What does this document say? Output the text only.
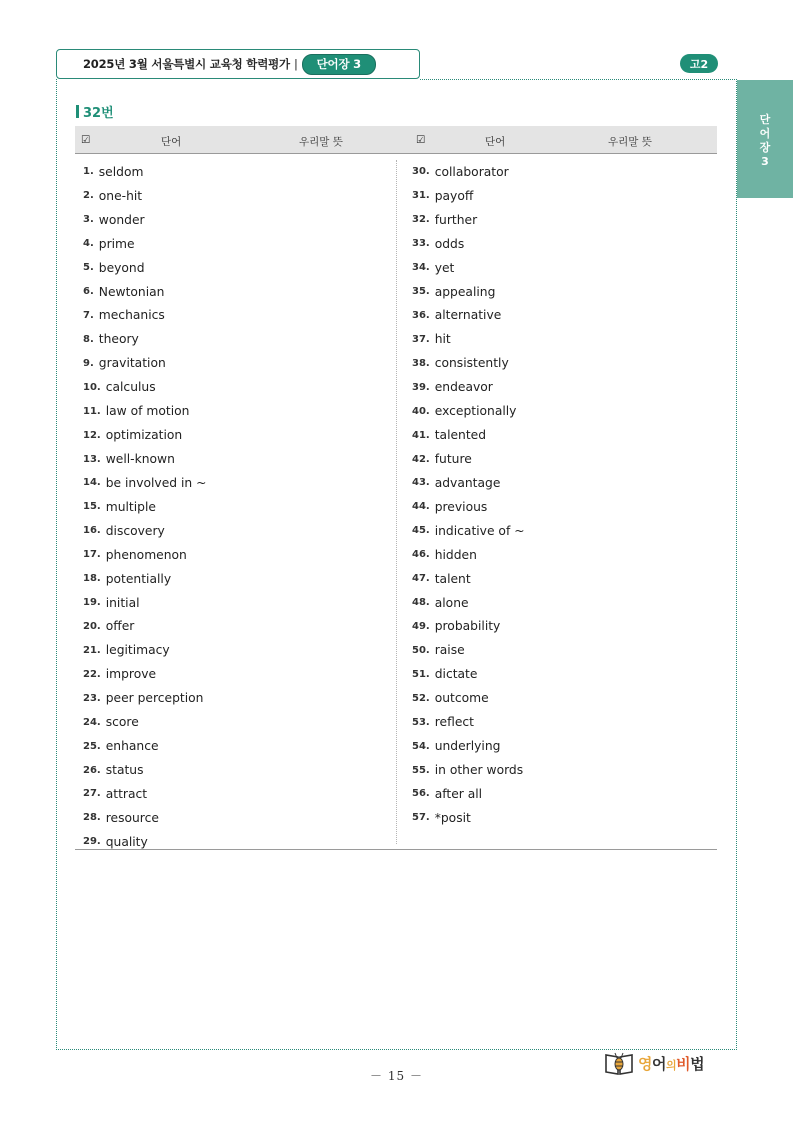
2025년 3월 서울특별시 교육청 학력평가 |	단어장 3	고2
단
어
장
3
32번
☑	단어	우리말 뜻	☑	단어	우리말 뜻
1. seldom
2. one-hit
3. wonder
4. prime
5. beyond
6. Newtonian
7. mechanics
8. theory
9. gravitation
10. calculus
11. law of motion
12. optimization
13. well-known
14. be involved in ~
15. multiple
16. discovery
17. phenomenon
18. potentially
19. initial
20. offer
21. legitimacy
22. improve
23. peer perception
24. score
25. enhance
26. status
27. attract
28. resource
29. quality
30. collaborator
31. payoff
32. further
33. odds
34. yet
35. appealing
36. alternative
37. hit
38. consistently
39. endeavor
40. exceptionally
41. talented
42. future
43. advantage
44. previous
45. indicative of ~
46. hidden
47. talent
48. alone
49. probability
50. raise
51. dictate
52. outcome
53. reflect
54. underlying
55. in other words
56. after all
57. *posit
－ 15 －
영어의비법
